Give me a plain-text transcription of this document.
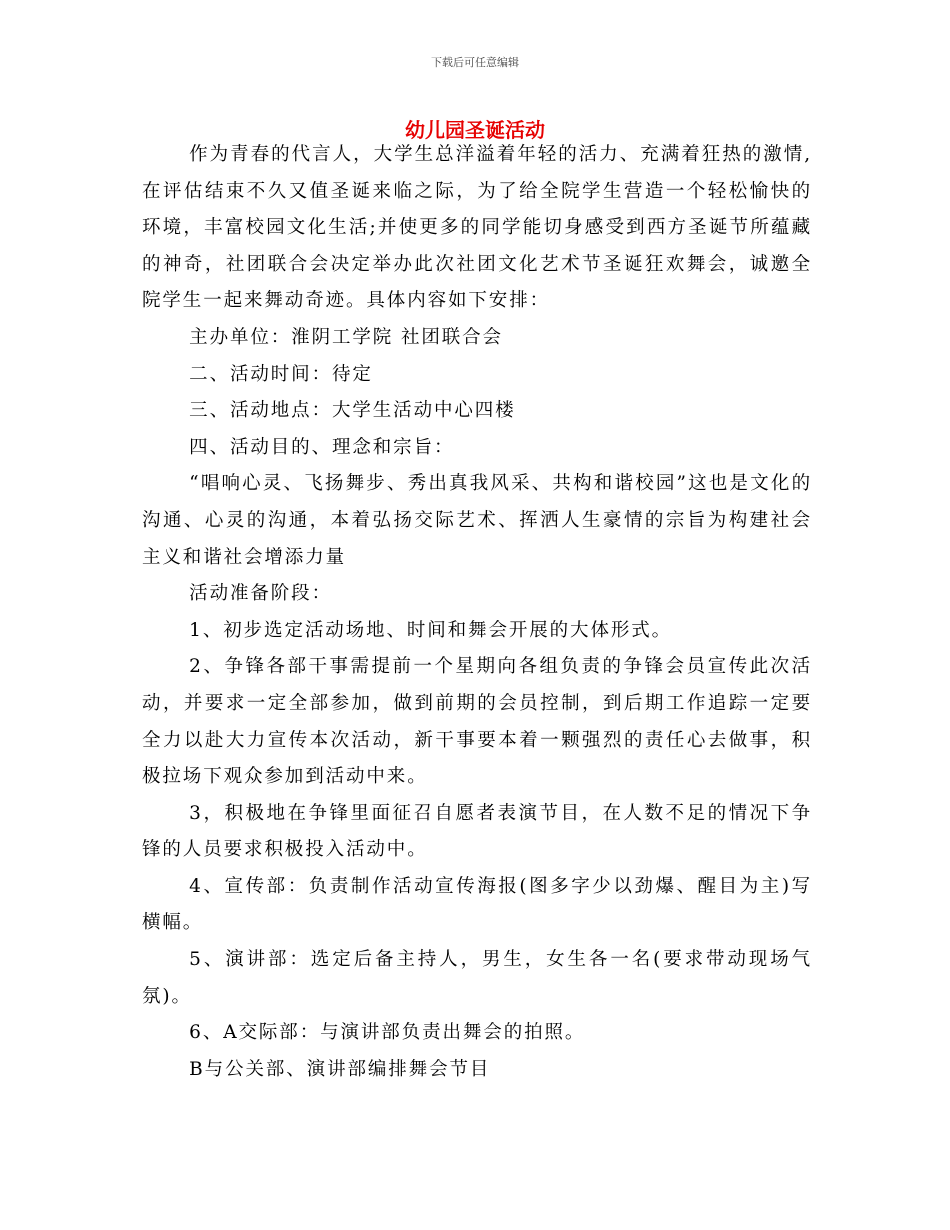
下载后可任意编辑
幼儿园圣诞活动

作为青春的代言人，大学生总洋溢着年轻的活力、充满着狂热的激情,在评估结束不久又值圣诞来临之际，为了给全院学生营造一个轻松愉快的环境，丰富校园文化生活;并使更多的同学能切身感受到西方圣诞节所蕴藏的神奇，社团联合会决定举办此次社团文化艺术节圣诞狂欢舞会，诚邀全院学生一起来舞动奇迹。具体内容如下安排：

主办单位：淮阴工学院 社团联合会

二、活动时间：待定

三、活动地点：大学生活动中心四楼

四、活动目的、理念和宗旨：

“唱响心灵、飞扬舞步、秀出真我风采、共构和谐校园”这也是文化的沟通、心灵的沟通，本着弘扬交际艺术、挥洒人生豪情的宗旨为构建社会主义和谐社会增添力量

活动准备阶段：

1、初步选定活动场地、时间和舞会开展的大体形式。

2、争锋各部干事需提前一个星期向各组负责的争锋会员宣传此次活动，并要求一定全部参加，做到前期的会员控制，到后期工作追踪一定要全力以赴大力宣传本次活动，新干事要本着一颗强烈的责任心去做事，积极拉场下观众参加到活动中来。

3，积极地在争锋里面征召自愿者表演节目，在人数不足的情况下争锋的人员要求积极投入活动中。

4、宣传部：负责制作活动宣传海报(图多字少以劲爆、醒目为主)写横幅。

5、演讲部：选定后备主持人，男生，女生各一名(要求带动现场气氛)。

6、A交际部：与演讲部负责出舞会的拍照。

B与公关部、演讲部编排舞会节目
